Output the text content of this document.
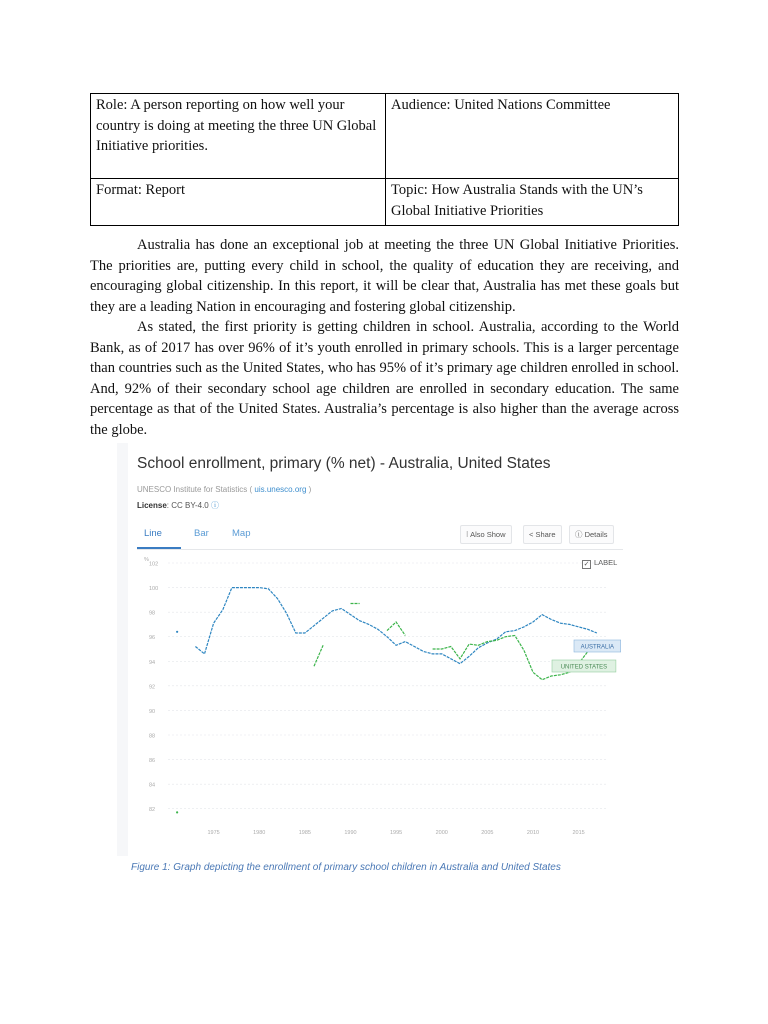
Role: A person reporting on how well your country is doing at meeting the three UN Global Initiative priorities.	Audience: United Nations Committee
Format: Report	Topic: How Australia Stands with the UN’s Global Initiative Priorities

Australia has done an exceptional job at meeting the three UN Global Initiative Priorities. The priorities are, putting every child in school, the quality of education they are receiving, and encouraging global citizenship. In this report, it will be clear that, Australia has met these goals but they are a leading Nation in encouraging and fostering global citizenship.

As stated, the first priority is getting children in school. Australia, according to the World Bank, as of 2017 has over 96% of it’s youth enrolled in primary schools. This is a larger percentage than countries such as the United States, who has 95% of it’s primary age children enrolled in school. And, 92% of their secondary school age children are enrolled in secondary education. The same percentage as that of the United States. Australia’s percentage is also higher than the average across the globe.

School enrollment, primary (% net) - Australia, United States
UNESCO Institute for Statistics ( uis.unesco.org )
License: CC BY-4.0 ⓘ
Line	Bar Map	⁝ Also Show	< Share	ⓘ Details
✓ LABEL
82
84
86
88
90
92
94
96
98
100
102
%
1975	1980	1985	1990	1995	2000	2005	2010	2015
AUSTRALIA
UNITED STATES
Figure 1: Graph depicting the enrollment of primary school children in Australia and United States
